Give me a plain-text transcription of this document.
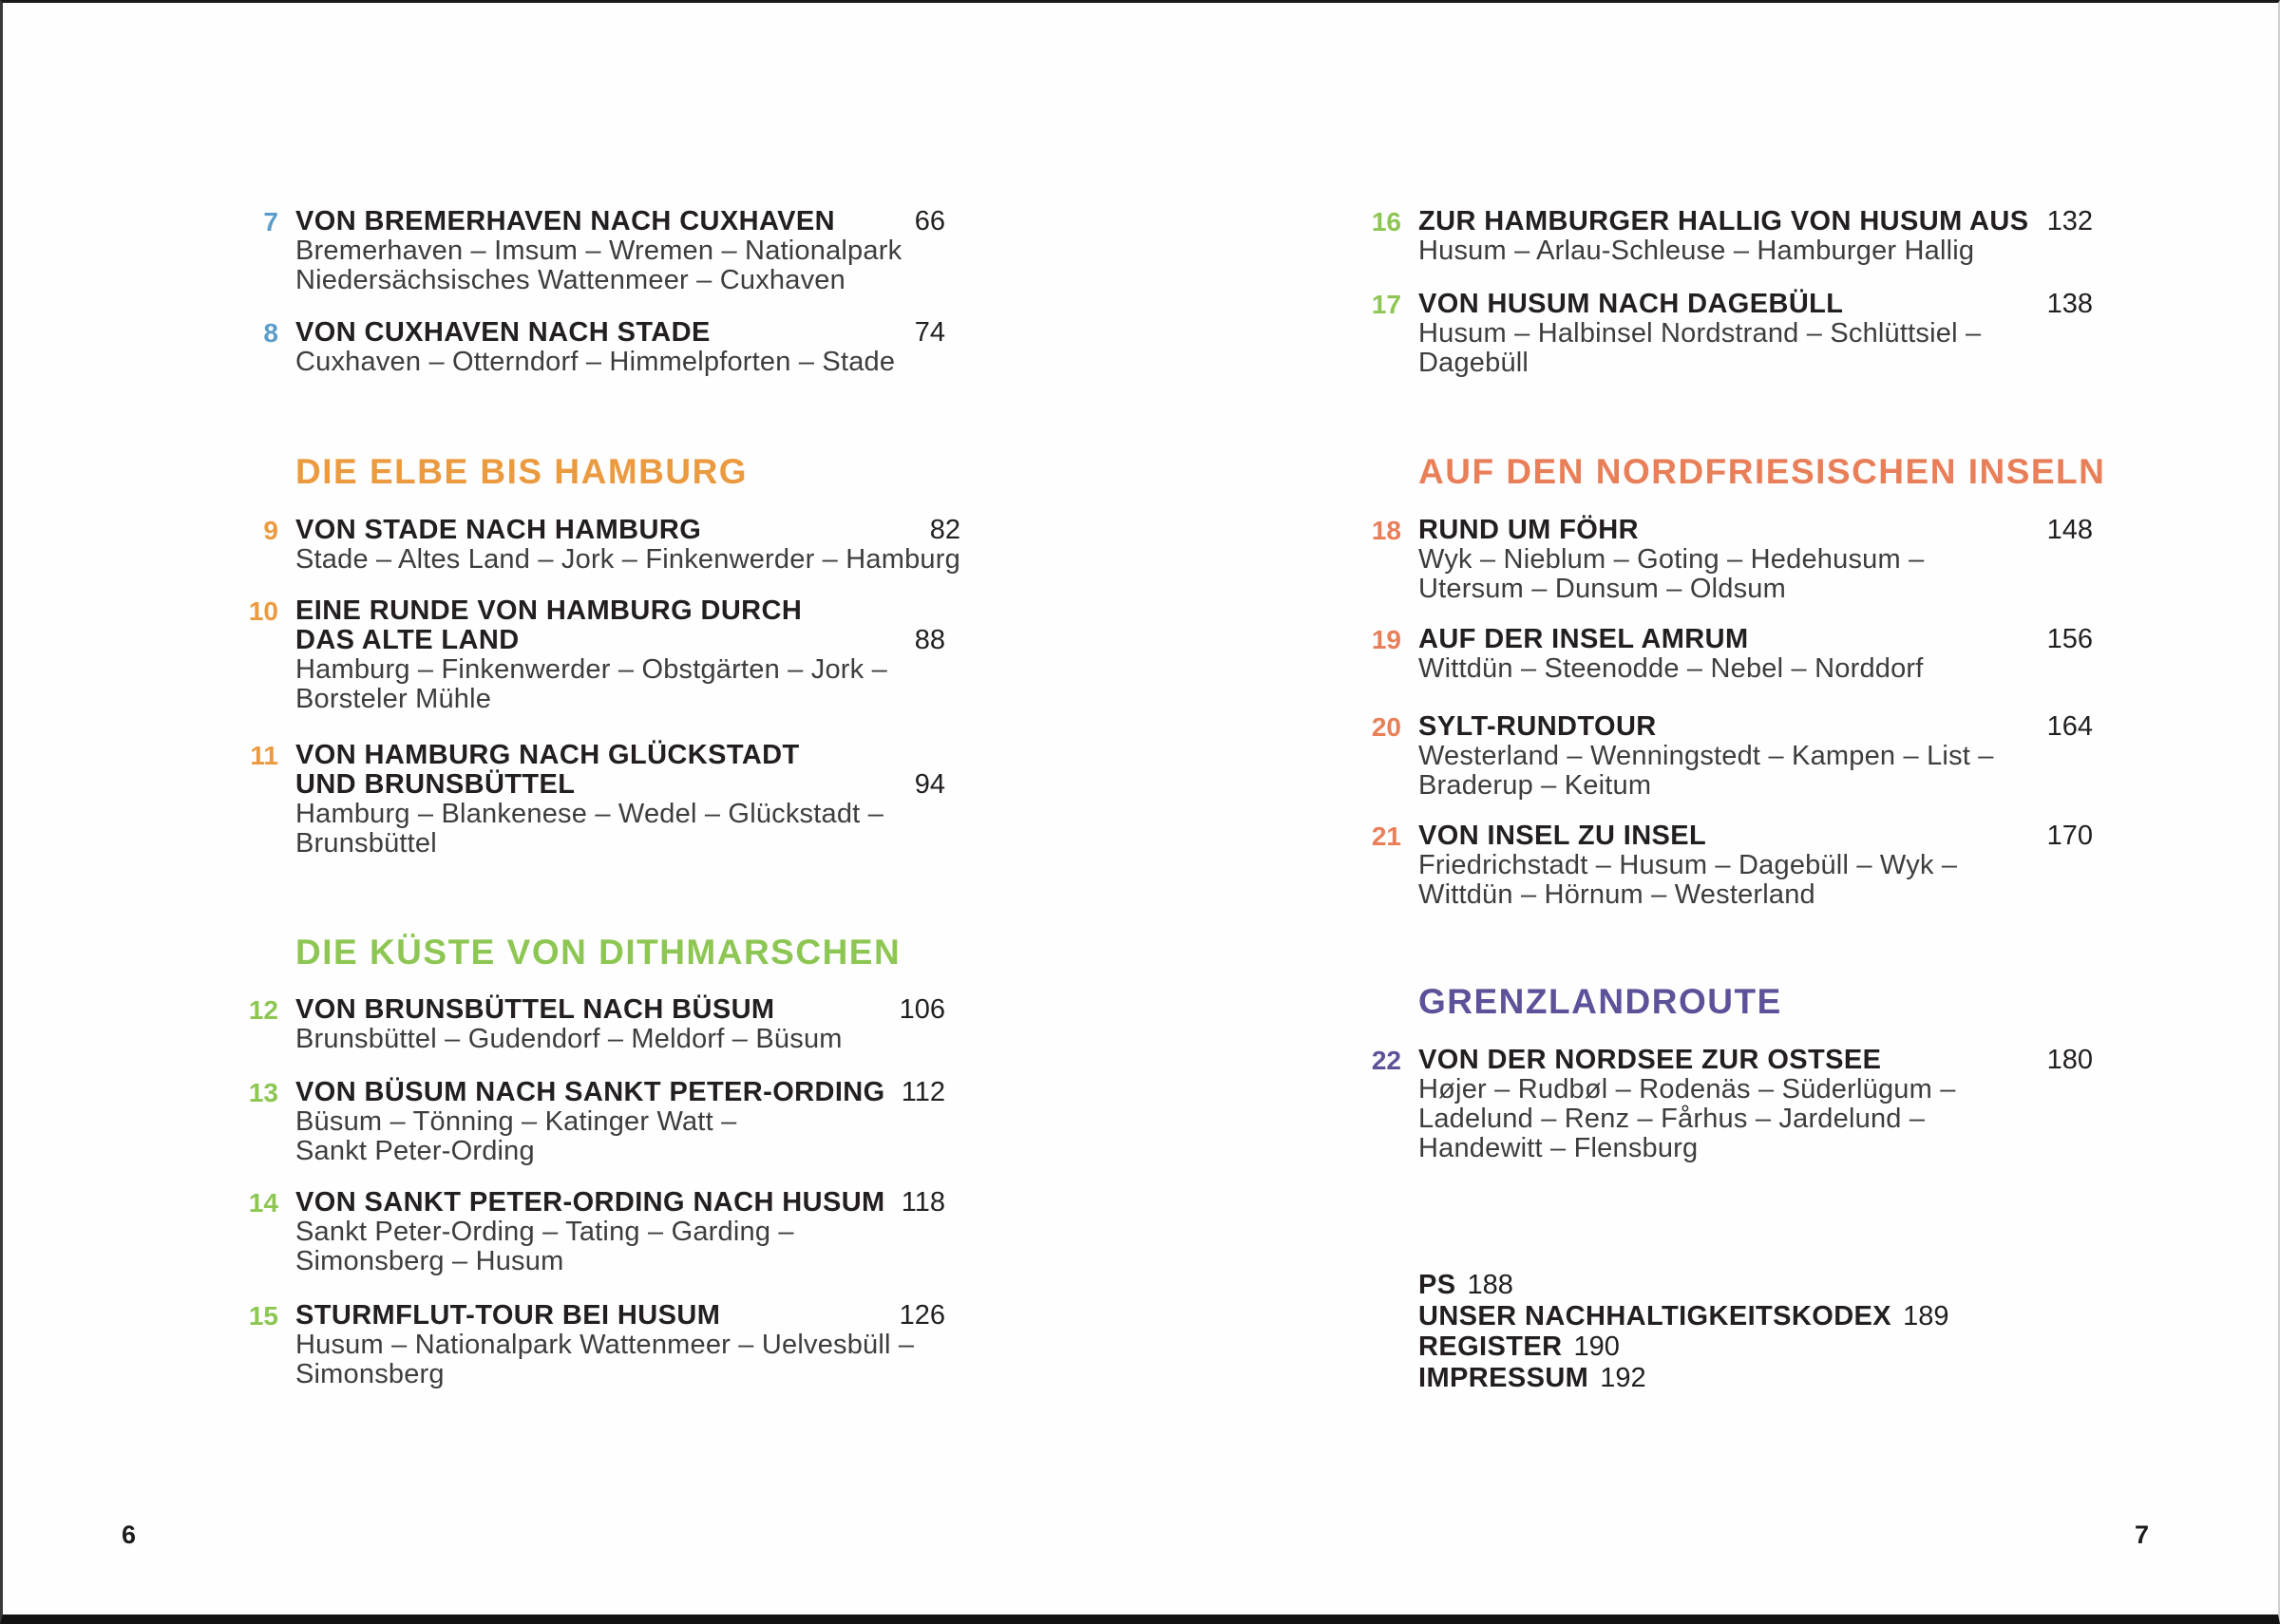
7 VON BREMERHAVEN NACH CUXHAVEN	66
Bremerhaven – Imsum – Wremen – Nationalpark
Niedersächsisches Wattenmeer – Cuxhaven
8 VON CUXHAVEN NACH STADE	74
Cuxhaven – Otterndorf – Himmelpforten – Stade
DIE ELBE BIS HAMBURG
9 VON STADE NACH HAMBURG	82
Stade – Altes Land – Jork – Finkenwerder – Hamburg
10 EINE RUNDE VON HAMBURG DURCH
DAS ALTE LAND	88
Hamburg – Finkenwerder – Obstgärten – Jork –
Borsteler Mühle
11 VON HAMBURG NACH GLÜCKSTADT
UND BRUNSBÜTTEL	94
Hamburg – Blankenese – Wedel – Glückstadt –
Brunsbüttel
DIE KÜSTE VON DITHMARSCHEN
12 VON BRUNSBÜTTEL NACH BÜSUM	106
Brunsbüttel – Gudendorf – Meldorf – Büsum
13 VON BÜSUM NACH SANKT PETER-ORDING 112
Büsum – Tönning – Katinger Watt –
Sankt Peter-Ording
14 VON SANKT PETER-ORDING NACH HUSUM 118
Sankt Peter-Ording – Tating – Garding –
Simonsberg – Husum
15 STURMFLUT-TOUR BEI HUSUM	126
Husum – Nationalpark Wattenmeer – Uelvesbüll –
Simonsberg
6
16 ZUR HAMBURGER HALLIG VON HUSUM AUS 132
Husum – Arlau-Schleuse – Hamburger Hallig
17 VON HUSUM NACH DAGEBÜLL	138
Husum – Halbinsel Nordstrand – Schlüttsiel –
Dagebüll
AUF DEN NORDFRIESISCHEN INSELN
18 RUND UM FÖHR	148
Wyk – Nieblum – Goting – Hedehusum –
Utersum – Dunsum – Oldsum
19 AUF DER INSEL AMRUM	156
Wittdün – Steenodde – Nebel – Norddorf
20 SYLT-RUNDTOUR	164
Westerland – Wenningstedt – Kampen – List –
Braderup – Keitum
21 VON INSEL ZU INSEL	170
Friedrichstadt – Husum – Dagebüll – Wyk –
Wittdün – Hörnum – Westerland
GRENZLANDROUTE
22 VON DER NORDSEE ZUR OSTSEE	180
Højer – Rudbøl – Rodenäs – Süderlügum –
Ladelund – Renz – Fårhus – Jardelund –
Handewitt – Flensburg
PS 188
UNSER NACHHALTIGKEITSKODEX 189
REGISTER 190
IMPRESSUM 192
7
